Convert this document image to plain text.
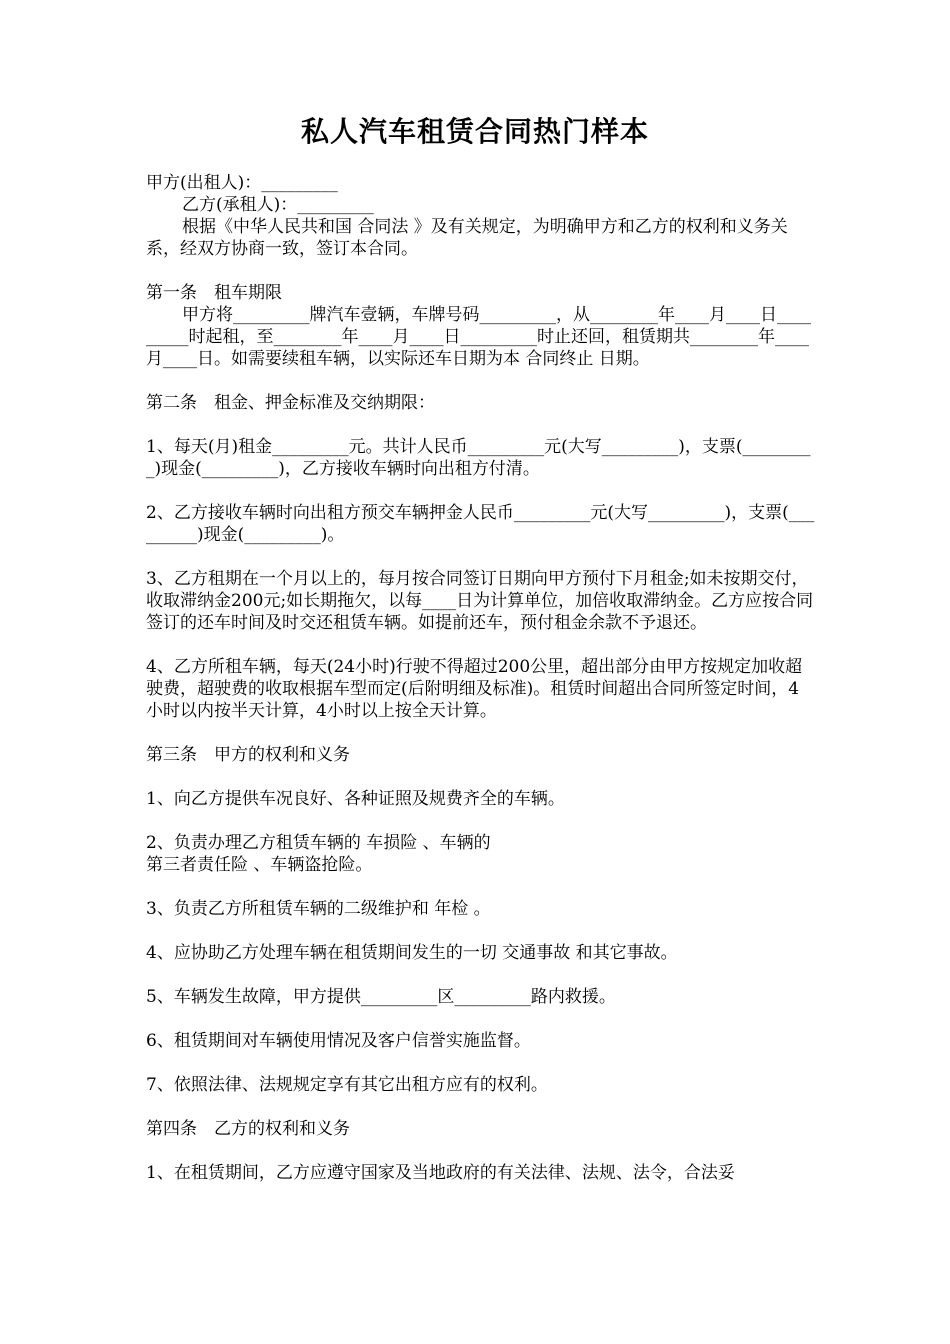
私人汽车租赁合同热门样本

甲方(出租人)：_________

乙方(承租人)：_________

根据《中华人民共和国 合同法 》及有关规定，为明确甲方和乙方的权利和义务关系，经双方协商一致，签订本合同。

第一条　租车期限

甲方将_________牌汽车壹辆，车牌号码_________，从________年____月____日_________时起租，至________年____月____日_________时止还回，租赁期共________年____月____日。如需要续租车辆，以实际还车日期为本 合同终止 日期。

第二条　租金、押金标准及交纳期限：

1、每天(月)租金_________元。共计人民币_________元(大写_________)，支票(_________)现金(_________)，乙方接收车辆时向出租方付清。

2、乙方接收车辆时向出租方预交车辆押金人民币_________元(大写_________)，支票(_________)现金(_________)。

3、乙方租期在一个月以上的，每月按合同签订日期向甲方预付下月租金;如未按期交付，收取滞纳金200元;如长期拖欠，以每____日为计算单位，加倍收取滞纳金。乙方应按合同签订的还车时间及时交还租赁车辆。如提前还车，预付租金余款不予退还。

4、乙方所租车辆，每天(24小时)行驶不得超过200公里，超出部分由甲方按规定加收超驶费，超驶费的收取根据车型而定(后附明细及标准)。租赁时间超出合同所签定时间，4小时以内按半天计算，4小时以上按全天计算。

第三条　甲方的权利和义务

1、向乙方提供车况良好、各种证照及规费齐全的车辆。

2、负责办理乙方租赁车辆的 车损险 、车辆的
第三者责任险 、车辆盗抢险。

3、负责乙方所租赁车辆的二级维护和 年检 。

4、应协助乙方处理车辆在租赁期间发生的一切 交通事故 和其它事故。

5、车辆发生故障，甲方提供_________区_________路内救援。

6、租赁期间对车辆使用情况及客户信誉实施监督。

7、依照法律、法规规定享有其它出租方应有的权利。

第四条　乙方的权利和义务

1、在租赁期间，乙方应遵守国家及当地政府的有关法律、法规、法令，合法妥
